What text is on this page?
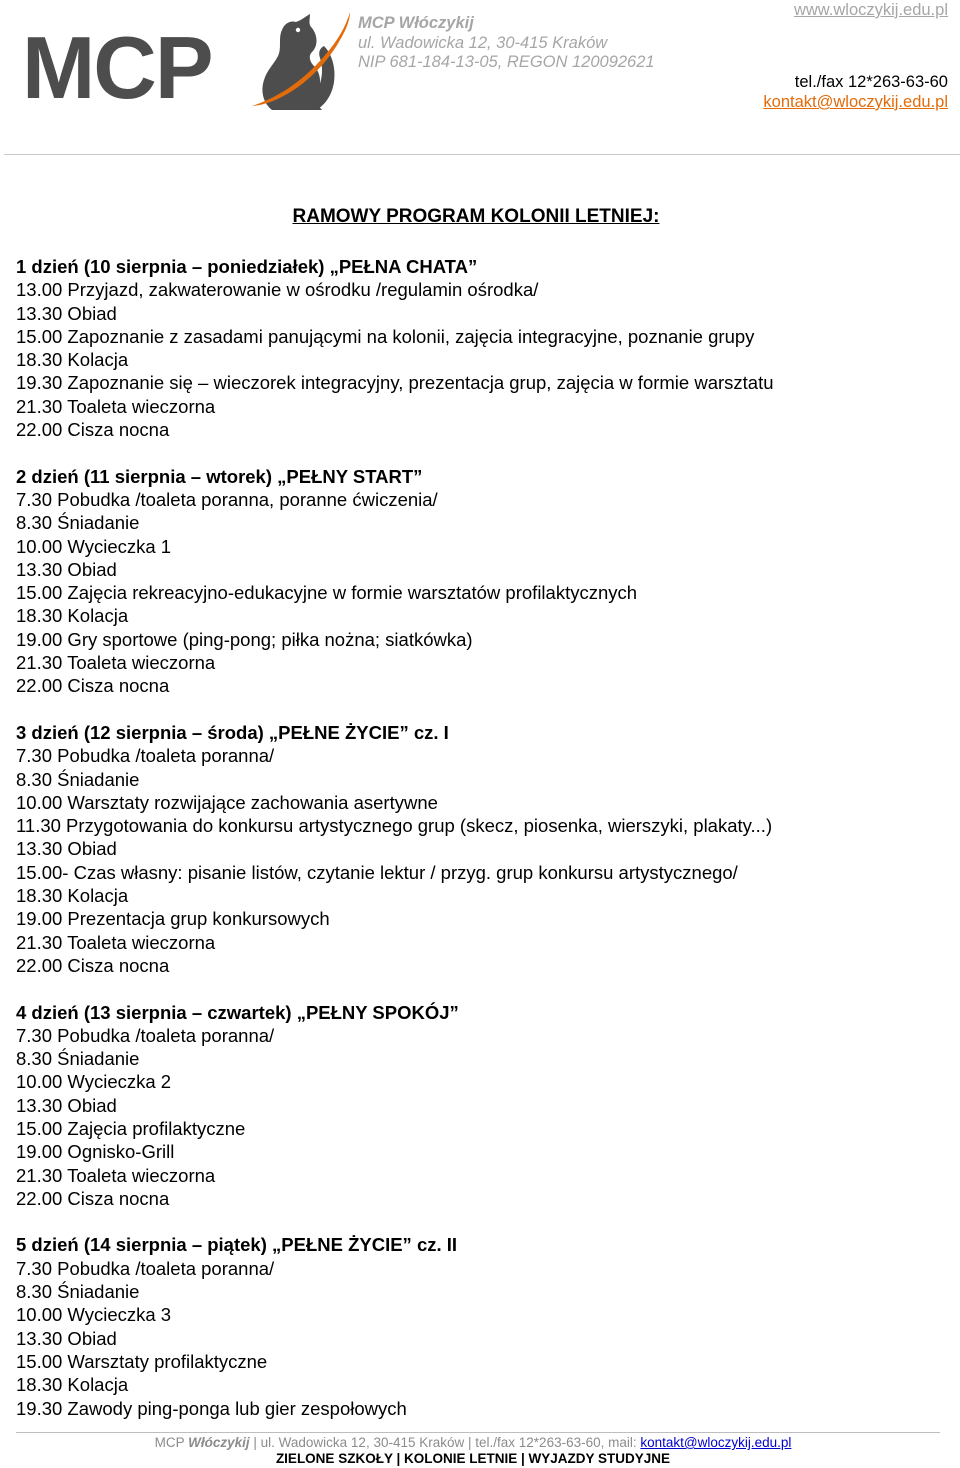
MCP	MCP Włóczykij
ul. Wadowicka 12, 30-415 Kraków
NIP 681-184-13-05, REGON 120092621
www.wloczykij.edu.pl
tel./fax 12*263-63-60
kontakt@wloczykij.edu.pl
RAMOWY PROGRAM KOLONII LETNIEJ:
1 dzień (10 sierpnia – poniedziałek) „PEŁNA CHATA”
13.00 Przyjazd, zakwaterowanie w ośrodku /regulamin ośrodka/
13.30 Obiad
15.00 Zapoznanie z zasadami panującymi na kolonii, zajęcia integracyjne, poznanie grupy
18.30 Kolacja
19.30 Zapoznanie się – wieczorek integracyjny, prezentacja grup, zajęcia w formie warsztatu
21.30 Toaleta wieczorna
22.00 Cisza nocna
2 dzień (11 sierpnia – wtorek) „PEŁNY START”
7.30 Pobudka /toaleta poranna, poranne ćwiczenia/
8.30 Śniadanie
10.00 Wycieczka 1
13.30 Obiad
15.00 Zajęcia rekreacyjno-edukacyjne w formie warsztatów profilaktycznych
18.30 Kolacja
19.00 Gry sportowe (ping-pong; piłka nożna; siatkówka)
21.30 Toaleta wieczorna
22.00 Cisza nocna
3 dzień (12 sierpnia – środa) „PEŁNE ŻYCIE” cz. I
7.30 Pobudka /toaleta poranna/
8.30 Śniadanie
10.00 Warsztaty rozwijające zachowania asertywne
11.30 Przygotowania do konkursu artystycznego grup (skecz, piosenka, wierszyki, plakaty...)
13.30 Obiad
15.00- Czas własny: pisanie listów, czytanie lektur / przyg. grup konkursu artystycznego/
18.30 Kolacja
19.00 Prezentacja grup konkursowych
21.30 Toaleta wieczorna
22.00 Cisza nocna
4 dzień (13 sierpnia – czwartek) „PEŁNY SPOKÓJ”
7.30 Pobudka /toaleta poranna/
8.30 Śniadanie
10.00 Wycieczka 2
13.30 Obiad
15.00 Zajęcia profilaktyczne
19.00 Ognisko-Grill
21.30 Toaleta wieczorna
22.00 Cisza nocna
5 dzień (14 sierpnia – piątek) „PEŁNE ŻYCIE” cz. II
7.30 Pobudka /toaleta poranna/
8.30 Śniadanie
10.00 Wycieczka 3
13.30 Obiad
15.00 Warsztaty profilaktyczne
18.30 Kolacja
19.30 Zawody ping-ponga lub gier zespołowych
MCP Włóczykij | ul. Wadowicka 12, 30-415 Kraków | tel./fax 12*263-63-60, mail: kontakt@wloczykij.edu.pl
ZIELONE SZKOŁY | KOLONIE LETNIE | WYJAZDY STUDYJNE
